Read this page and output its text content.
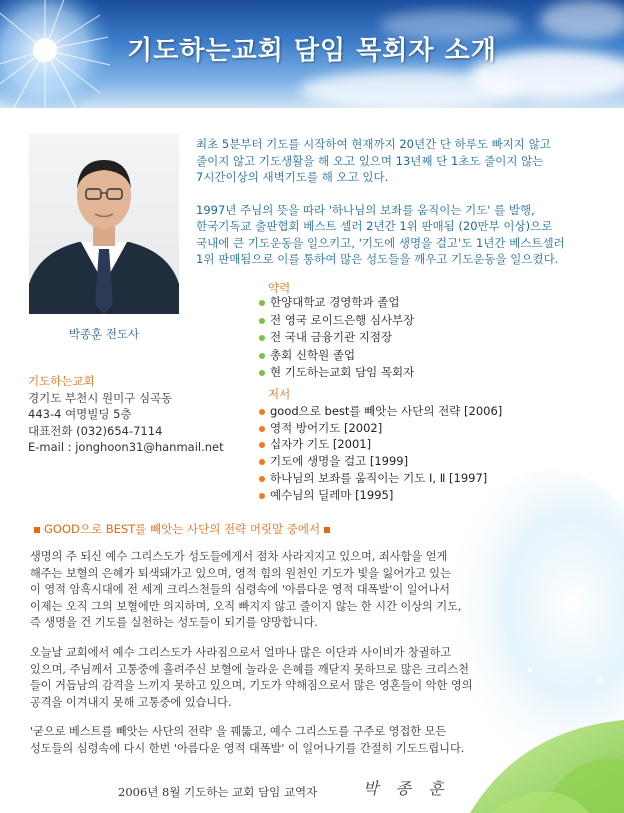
기도하는교회 담임 목회자 소개
박종훈 전도사

최초 5분부터 기도를 시작하여 현재까지 20년간 단 하루도 빠지지 않고
줄이지 않고 기도생활을 해 오고 있으며 13년째 단 1초도 줄이지 않는
7시간이상의 새벽기도를 해 오고 있다.

1997년 주님의 뜻을 따라 '하나님의 보좌를 움직이는 기도' 를 발행,
한국기독교 출판협회 베스트 셀러 2년간 1위 판매됨 (20만부 이상)으로
국내에 큰 기도운동을 일으키고, '기도에 생명을 걸고'도 1년간 베스트셀러
1위 판매됨으로 이를 통하여 많은 성도들을 깨우고 기도운동을 일으켰다.

약력
한양대학교 경영학과 졸업
전 영국 로이드은행 심사부장
전 국내 금융기관 지점장
총회 신학원 졸업
현 기도하는교회 담임 목회자
기도하는교회
경기도 부천시 원미구 심곡동
443-4 여명빌딩 5층
대표전화 (032)654-7114
E-mail : jonghoon31@hanmail.net
저서
good으로 best를 빼앗는 사단의 전략 [2006]
영적 방어기도 [2002]
십자가 기도 [2001]
기도에 생명을 걸고 [1999]
하나님의 보좌를 움직이는 기도 Ⅰ, Ⅱ [1997]
예수님의 딜레마 [1995]
GOOD으로 BEST를 빼앗는 사단의 전략 머릿말 중에서

생명의 주 되신 예수 그리스도가 성도들에게서 점차 사라지지고 있으며, 죄사함을 얻게
해주는 보혈의 은혜가 퇴색돼가고 있으며, 영적 힘의 원천인 기도가 빛을 잃어가고 있는
이 영적 암흑시대에 전 세계 크리스천들의 심령속에 '아름다운 영적 대폭발'이 일어나서
이제는 오직 그의 보혈에만 의지하며, 오직 빠지지 않고 줄이지 않는 한 시간 이상의 기도,
즉 생명을 건 기도를 실천하는 성도들이 되기를 양망합니다.

오늘날 교회에서 예수 그리스도가 사라짐으로서 얼마나 많은 이단과 사이비가 창궐하고
있으며, 주님께서 고통중에 흘려주신 보혈에 놀라운 은혜를 깨닫지 못하므로 많은 크리스천
들이 거듭남의 감격을 느끼지 못하고 있으며, 기도가 약해짐으로서 많은 영혼들이 악한 영의
공격을 이겨내지 못해 고통중에 있습니다.

'굳으로 베스트를 빼앗는 사단의 전략' 을 꿰뚫고, 예수 그리스도를 구주로 영접한 모든
성도들의 심령속에 다시 한번 '아름다운 영적 대폭발' 이 일어나기를 간절히 기도드립니다.

2006년 8월 기도하는 교회 담임 교역자	박 종 훈
